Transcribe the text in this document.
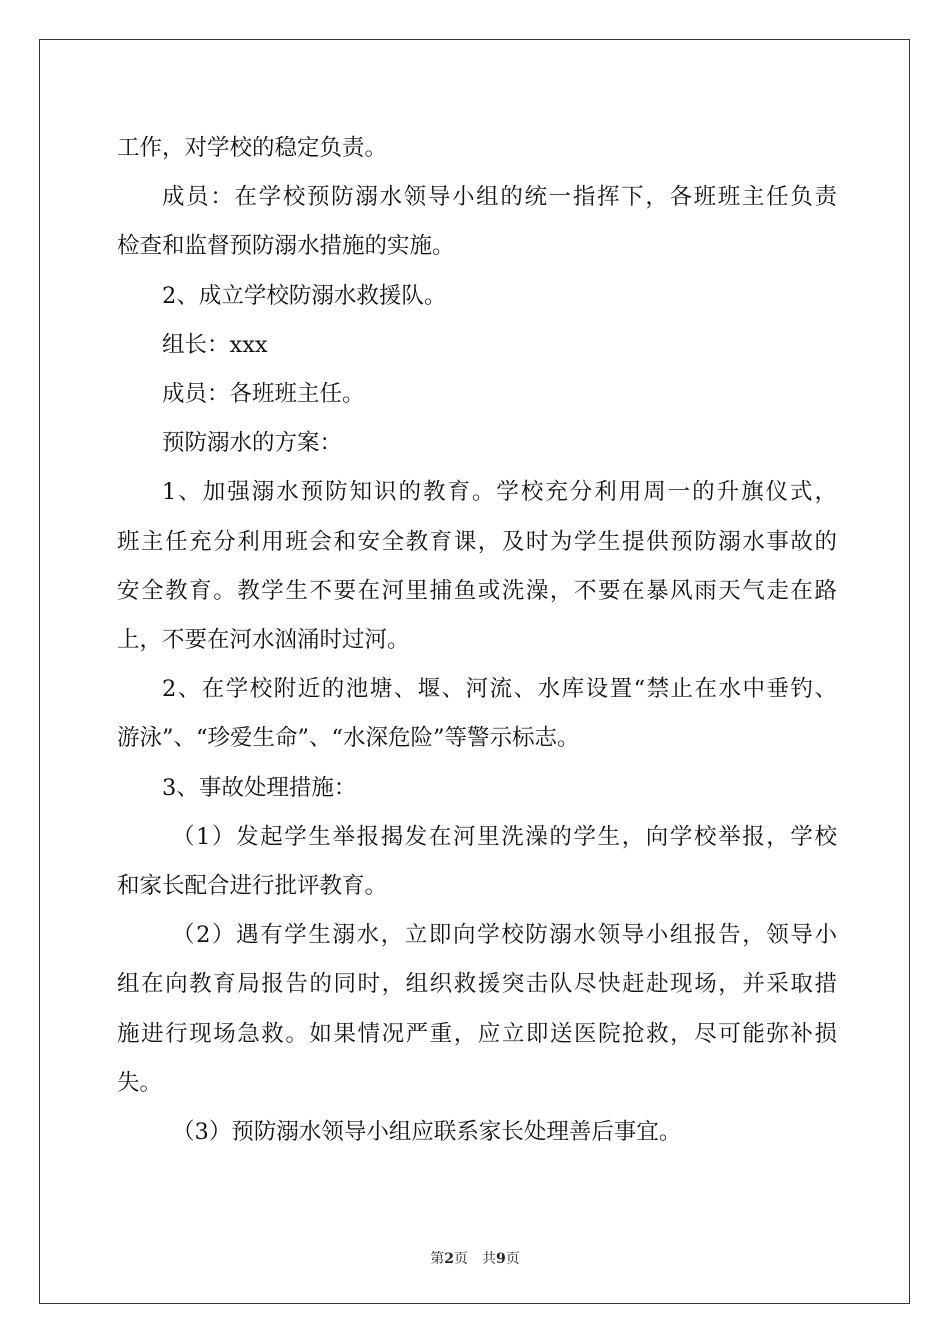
工作，对学校的稳定负责。
成员：在学校预防溺水领导小组的统一指挥下，各班班主任负责
检查和监督预防溺水措施的实施。
2、成立学校防溺水救援队。
组长：xxx
成员：各班班主任。
预防溺水的方案：
1、加强溺水预防知识的教育。学校充分利用周一的升旗仪式，
班主任充分利用班会和安全教育课，及时为学生提供预防溺水事故的
安全教育。教学生不要在河里捕鱼或洗澡，不要在暴风雨天气走在路
上，不要在河水汹涌时过河。
2、在学校附近的池塘、堰、河流、水库设置“禁止在水中垂钓、
游泳”、“珍爱生命”、“水深危险”等警示标志。
3、事故处理措施：
（1）发起学生举报揭发在河里洗澡的学生，向学校举报，学校
和家长配合进行批评教育。
（2）遇有学生溺水，立即向学校防溺水领导小组报告，领导小
组在向教育局报告的同时，组织救援突击队尽快赶赴现场，并采取措
施进行现场急救。如果情况严重，应立即送医院抢救，尽可能弥补损
失。
（3）预防溺水领导小组应联系家长处理善后事宜。
第2页　共9页
